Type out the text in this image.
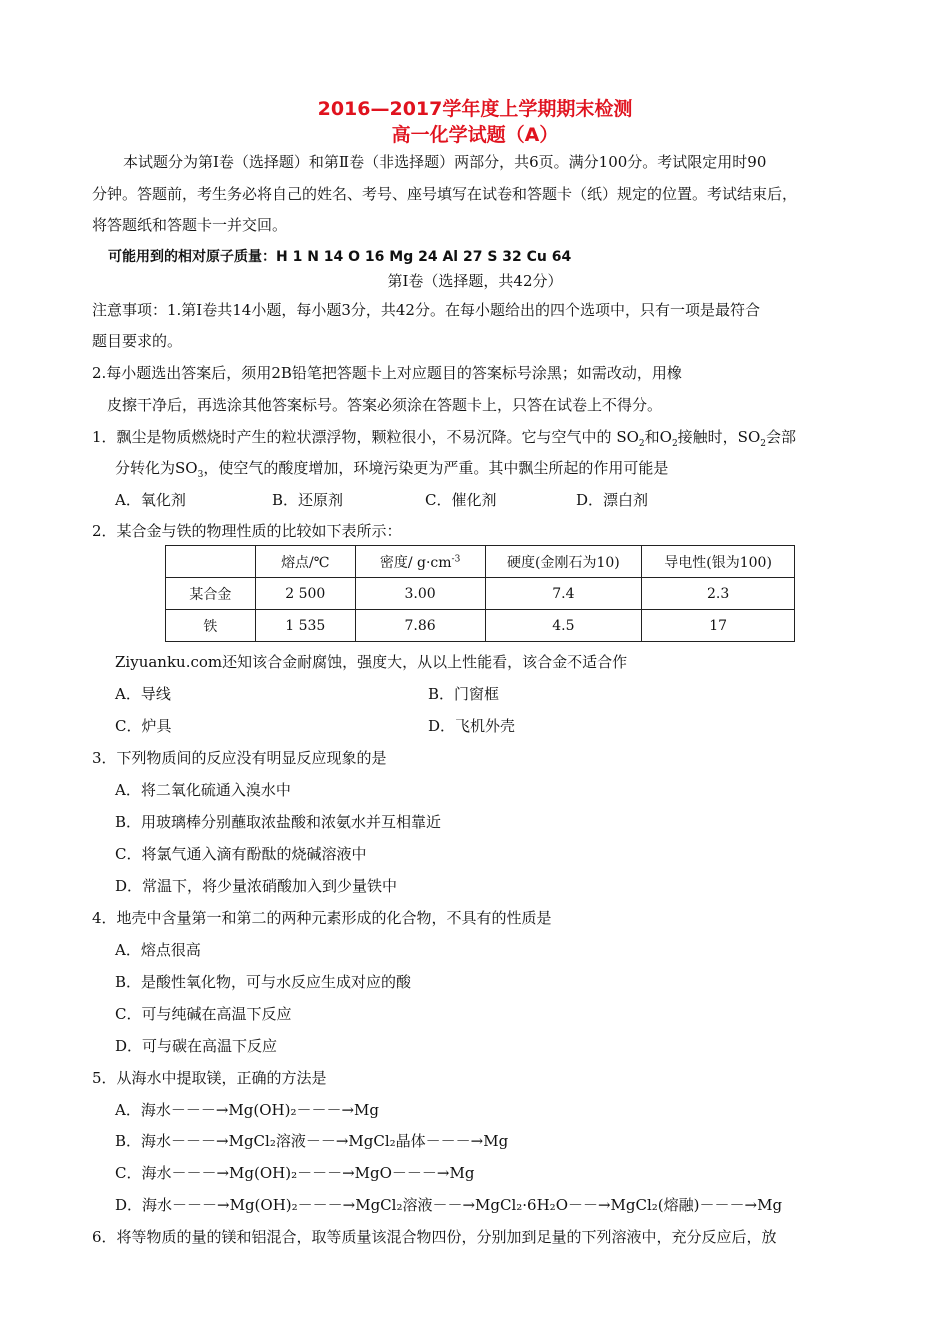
2016—2017学年度上学期期末检测
高一化学试题（A）
本试题分为第Ⅰ卷（选择题）和第Ⅱ卷（非选择题）两部分，共6页。满分100分。考试限定用时90
分钟。答题前，考生务必将自己的姓名、考号、座号填写在试卷和答题卡（纸）规定的位置。考试结束后，
将答题纸和答题卡一并交回。
可能用到的相对原子质量：H 1 N 14 O 16 Mg 24 Al 27 S 32 Cu 64
第Ⅰ卷（选择题，共42分）
注意事项：1.第Ⅰ卷共14小题，每小题3分，共42分。在每小题给出的四个选项中，只有一项是最符合
题目要求的。
2.每小题选出答案后，须用2B铅笔把答题卡上对应题目的答案标号涂黑；如需改动，用橡
皮擦干净后，再选涂其他答案标号。答案必须涂在答题卡上，只答在试卷上不得分。
1．飘尘是物质燃烧时产生的粒状漂浮物，颗粒很小，不易沉降。它与空气中的 $SO_2$和$O_2$接触时，$SO_2$会部
分转化为$SO_3$，使空气的酸度增加，环境污染更为严重。其中飘尘所起的作用可能是
A．氧化剂	B．还原剂	C．催化剂	D．漂白剂
2．某合金与铁的物理性质的比较如下表所示：
	熔点/℃	密度/ $g\cdot cm^{-3}$	硬度(金刚石为10)	导电性(银为100)
某合金	2 500	3.00	7.4	2.3
铁	1 535	7.86	4.5	17
Ziyuanku.com还知该合金耐腐蚀，强度大，从以上性能看，该合金不适合作
A．导线	B．门窗框
C．炉具	D．飞机外壳
3．下列物质间的反应没有明显反应现象的是
A．将二氧化硫通入溴水中
B．用玻璃棒分别蘸取浓盐酸和浓氨水并互相靠近
C．将氯气通入滴有酚酞的烧碱溶液中
D．常温下，将少量浓硝酸加入到少量铁中
4．地壳中含量第一和第二的两种元素形成的化合物，不具有的性质是
A．熔点很高
B．是酸性氧化物，可与水反应生成对应的酸
C．可与纯碱在高温下反应
D．可与碳在高温下反应
5．从海水中提取镁，正确的方法是
A．海水－－－→Mg(OH)₂－－－→Mg
B．海水－－－→MgCl₂溶液－－→MgCl₂晶体－－－→Mg
C．海水－－－→Mg(OH)₂－－－→MgO－－－→Mg
D．海水－－－→Mg(OH)₂－－－→MgCl₂溶液－－→MgCl₂·6H₂O－－→MgCl₂(熔融)－－－→Mg
6．将等物质的量的镁和铝混合，取等质量该混合物四份，分别加到足量的下列溶液中，充分反应后，放
